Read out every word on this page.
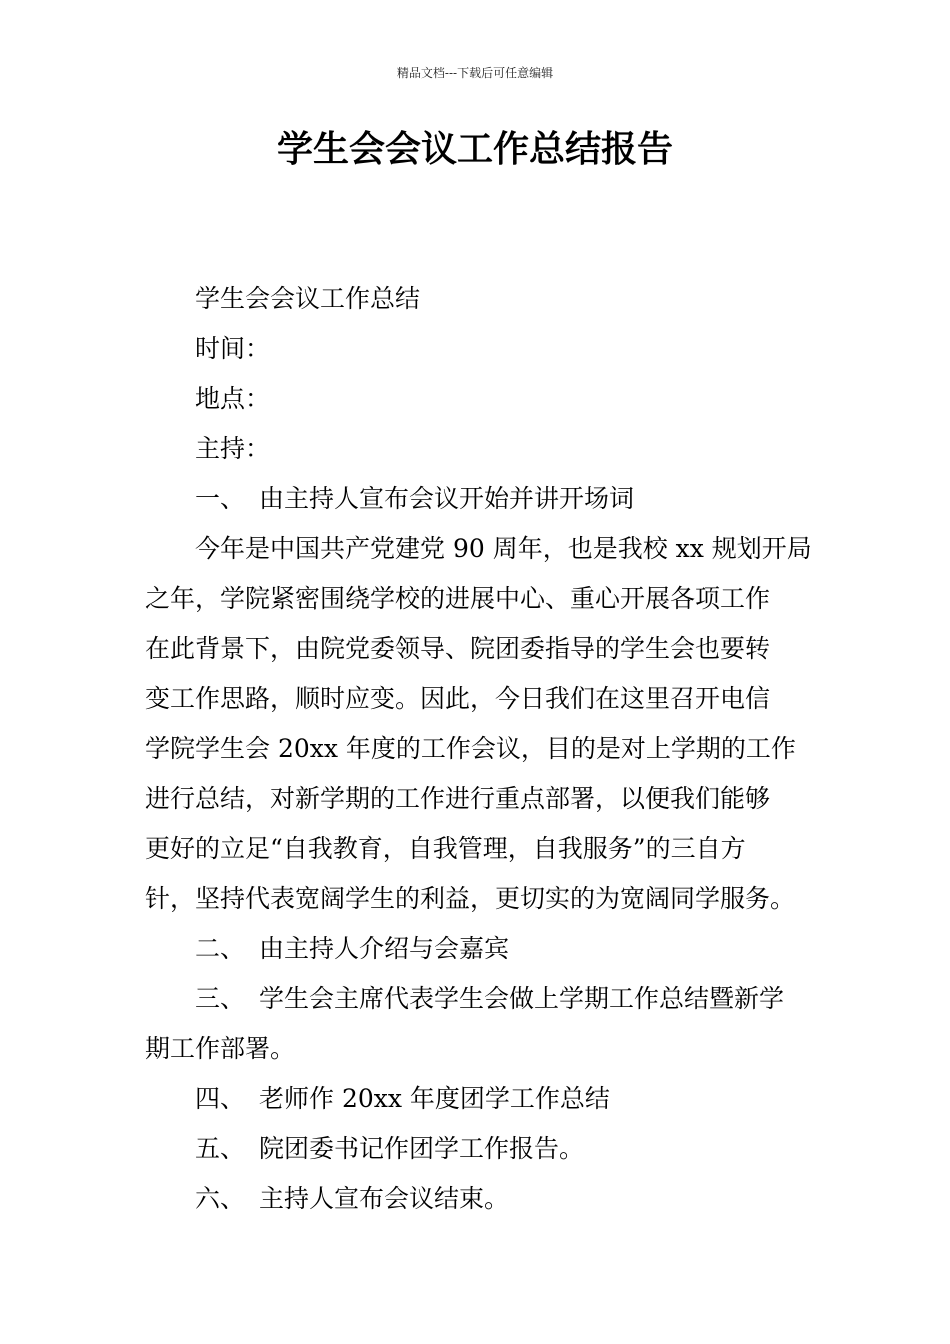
精品文档---下载后可任意编辑
学生会会议工作总结报告
学生会会议工作总结
时间：
地点：
主持：
一、 由主持人宣布会议开始并讲开场词
今年是中国共产党建党 90 周年，也是我校 xx 规划开局
之年，学院紧密围绕学校的进展中心、重心开展各项工作
在此背景下，由院党委领导、院团委指导的学生会也要转
变工作思路，顺时应变。因此，今日我们在这里召开电信
学院学生会 20xx 年度的工作会议，目的是对上学期的工作
进行总结，对新学期的工作进行重点部署，以便我们能够
更好的立足“自我教育，自我管理，自我服务”的三自方
针，坚持代表宽阔学生的利益，更切实的为宽阔同学服务。
二、 由主持人介绍与会嘉宾
三、 学生会主席代表学生会做上学期工作总结暨新学
期工作部署。
四、 老师作 20xx 年度团学工作总结
五、 院团委书记作团学工作报告。
六、 主持人宣布会议结束。
